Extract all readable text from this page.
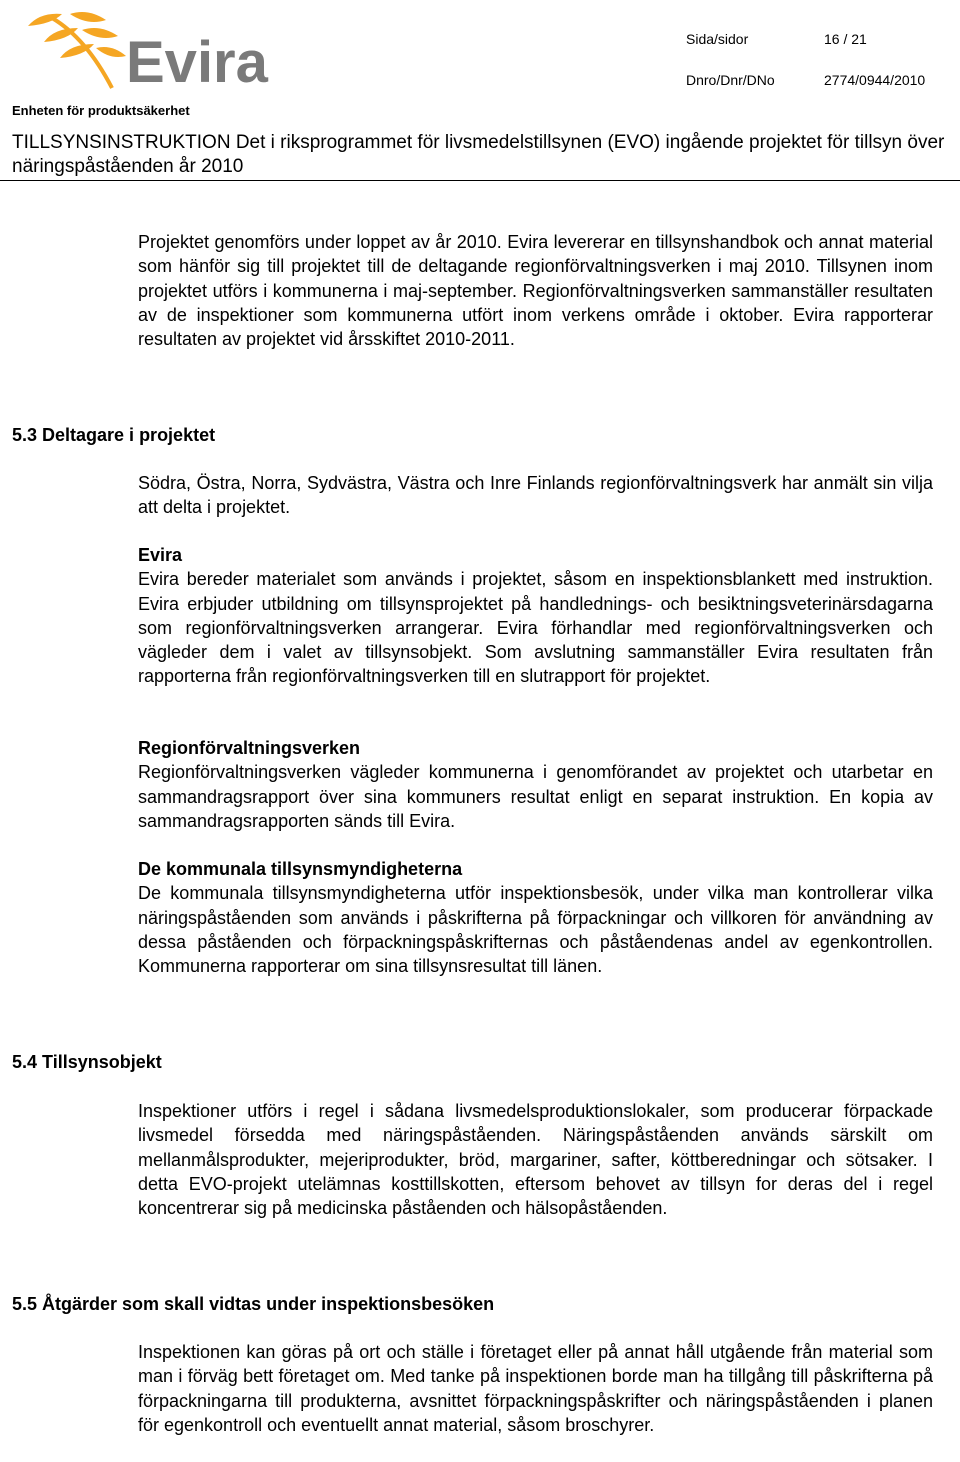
Evira	Sida/sidor	16 / 21
Dnro/Dnr/DNo	2774/0944/2010
Enheten för produktsäkerhet
TILLSYNSINSTRUKTION Det i riksprogrammet för livsmedelstillsynen (EVO) ingående projektet för tillsyn över näringspåståenden år 2010

Projektet genomförs under loppet av år 2010. Evira levererar en tillsynshandbok och annat material som hänför sig till projektet till de deltagande regionförvaltningsverken i maj 2010. Tillsynen inom projektet utförs i kommunerna i maj-september. Regionförvaltningsverken sammanställer resultaten av de inspektioner som kommunerna utfört inom verkens område i oktober. Evira rapporterar resultaten av projektet vid årsskiftet 2010-2011.

5.3 Deltagare i projektet

Södra, Östra, Norra, Sydvästra, Västra och Inre Finlands regionförvaltningsverk har anmält sin vilja att delta i projektet.

Evira

Evira bereder materialet som används i projektet, såsom en inspektionsblankett med instruktion. Evira erbjuder utbildning om tillsynsprojektet på handlednings- och besiktningsveterinärsdagarna som regionförvaltningsverken arrangerar. Evira förhandlar med regionförvaltningsverken och vägleder dem i valet av tillsynsobjekt. Som avslutning sammanställer Evira resultaten från rapporterna från regionförvaltningsverken till en slutrapport för projektet.

Regionförvaltningsverken

Regionförvaltningsverken vägleder kommunerna i genomförandet av projektet och utarbetar en sammandragsrapport över sina kommuners resultat enligt en separat instruktion. En kopia av sammandragsrapporten sänds till Evira.

De kommunala tillsynsmyndigheterna

De kommunala tillsynsmyndigheterna utför inspektionsbesök, under vilka man kontrollerar vilka näringspåståenden som används i påskrifterna på förpackningar och villkoren för användning av dessa påståenden och förpackningspåskrifternas och påståendenas andel av egenkontrollen. Kommunerna rapporterar om sina tillsynsresultat till länen.

5.4 Tillsynsobjekt

Inspektioner utförs i regel i sådana livsmedelsproduktionslokaler, som producerar förpackade livsmedel försedda med näringspåståenden. Näringspåståenden används särskilt om mellanmålsprodukter, mejeriprodukter, bröd, margariner, safter, köttberedningar och sötsaker. I detta EVO-projekt utelämnas kosttillskotten, eftersom behovet av tillsyn for deras del i regel koncentrerar sig på medicinska påståenden och hälsopåståenden.

5.5 Åtgärder som skall vidtas under inspektionsbesöken

Inspektionen kan göras på ort och ställe i företaget eller på annat håll utgående från material som man i förväg bett företaget om. Med tanke på inspektionen borde man ha tillgång till påskrifterna på förpackningarna till produkterna, avsnittet förpackningspåskrifter och näringspåståenden i planen för egenkontroll och eventuellt annat material, såsom broschyrer.
